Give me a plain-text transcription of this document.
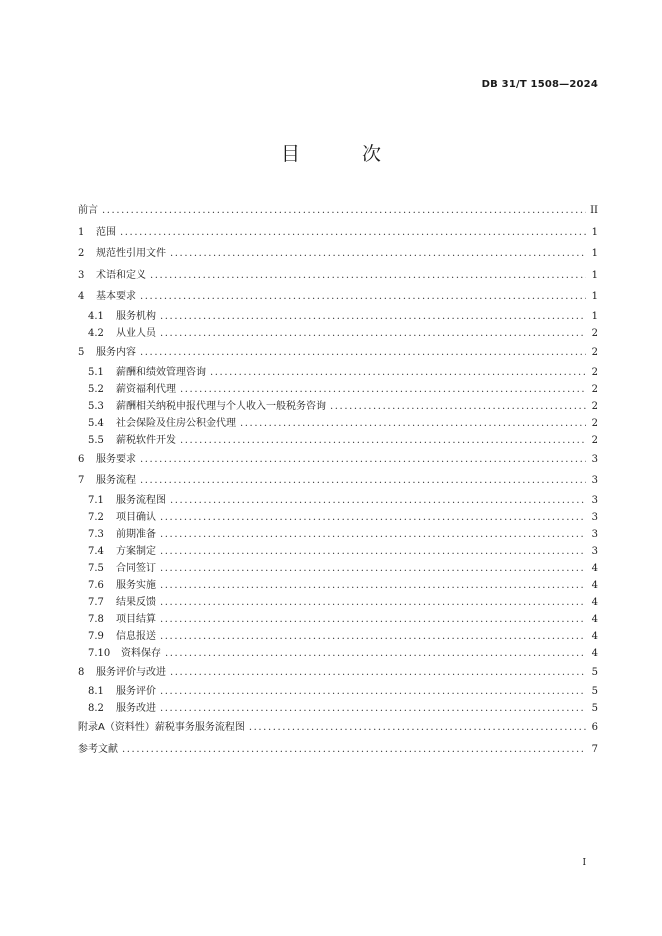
DB 31/T 1508—2024
目 次
前言 .....	II
1	范围 .....	1
2	规范性引用文件 .....	1
3	术语和定义 .....	1
4	基本要求 .....	1
4.1	服务机构 .....	1
4.2	从业人员 .....	2
5	服务内容 .....	2
5.1	薪酬和绩效管理咨询 .....	2
5.2	薪资福利代理 .....	2
5.3	薪酬相关纳税申报代理与个人收入一般税务咨询 .....	2
5.4	社会保险及住房公积金代理 .....	2
5.5	薪税软件开发 .....	2
6	服务要求 .....	3
7	服务流程 .....	3
7.1	服务流程图 .....	3
7.2	项目确认 .....	3
7.3	前期准备 .....	3
7.4	方案制定 .....	3
7.5	合同签订 .....	4
7.6	服务实施 .....	4
7.7	结果反馈 .....	4
7.8	项目结算 .....	4
7.9	信息报送 .....	4
7.10	资料保存 .....	4
8	服务评价与改进 .....	5
8.1	服务评价 .....	5
8.2	服务改进 .....	5
附录A（资料性）薪税事务服务流程图 .....	6
参考文献 .....	7
I
